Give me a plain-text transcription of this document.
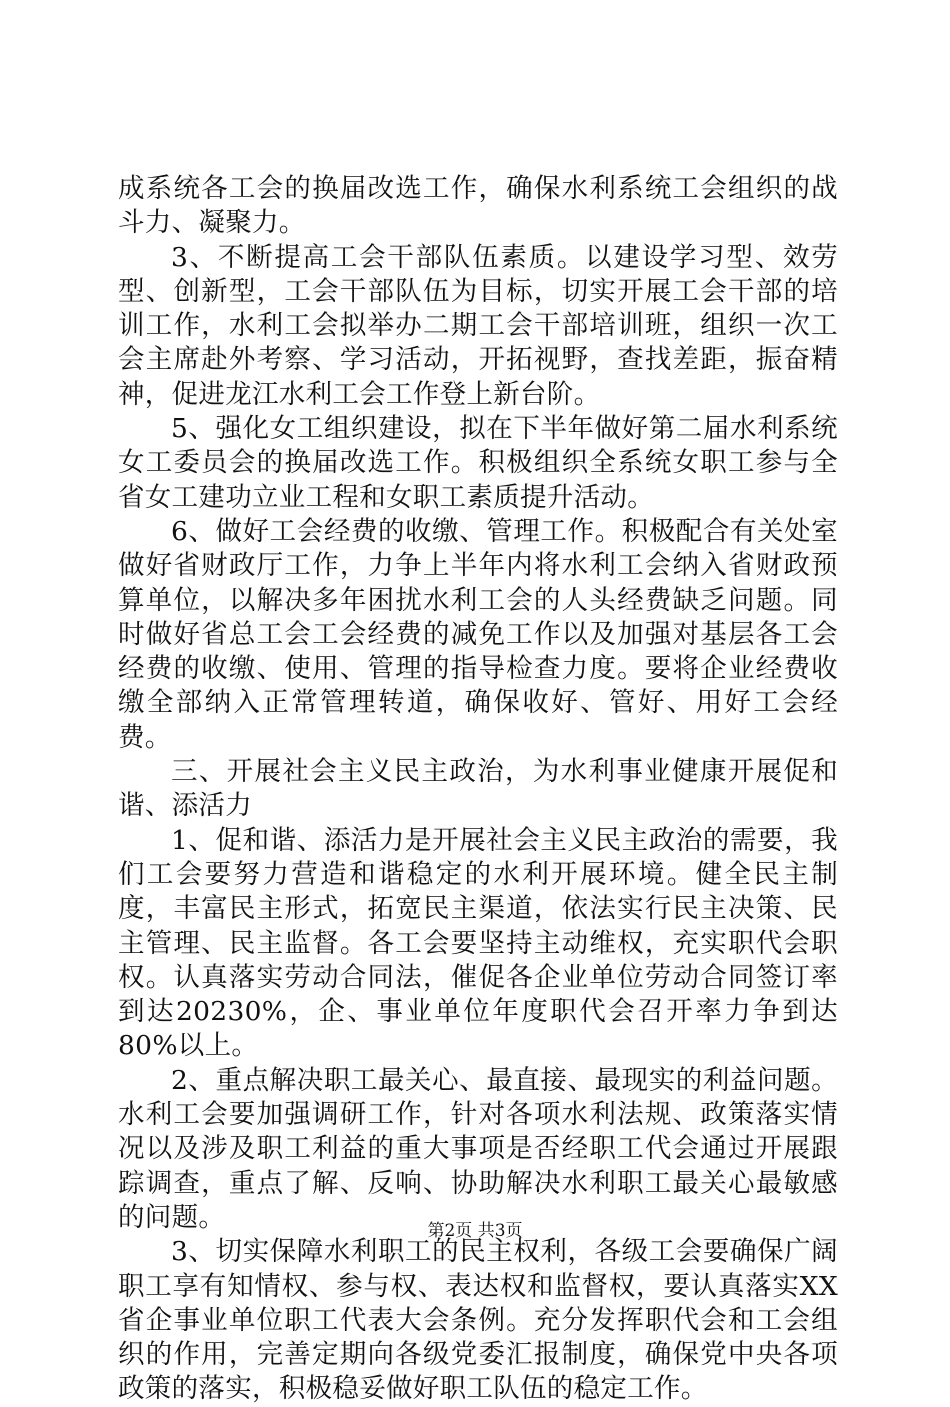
成系统各工会的换届改选工作，确保水利系统工会组织的战斗力、凝聚力。

3、不断提高工会干部队伍素质。以建设学习型、效劳型、创新型，工会干部队伍为目标，切实开展工会干部的培训工作，水利工会拟举办二期工会干部培训班，组织一次工会主席赴外考察、学习活动，开拓视野，查找差距，振奋精神，促进龙江水利工会工作登上新台阶。

5、强化女工组织建设，拟在下半年做好第二届水利系统女工委员会的换届改选工作。积极组织全系统女职工参与全省女工建功立业工程和女职工素质提升活动。

6、做好工会经费的收缴、管理工作。积极配合有关处室做好省财政厅工作，力争上半年内将水利工会纳入省财政预算单位，以解决多年困扰水利工会的人头经费缺乏问题。同时做好省总工会工会经费的减免工作以及加强对基层各工会经费的收缴、使用、管理的指导检查力度。要将企业经费收缴全部纳入正常管理转道，确保收好、管好、用好工会经费。

三、开展社会主义民主政治，为水利事业健康开展促和谐、添活力

1、促和谐、添活力是开展社会主义民主政治的需要，我们工会要努力营造和谐稳定的水利开展环境。健全民主制度，丰富民主形式，拓宽民主渠道，依法实行民主决策、民主管理、民主监督。各工会要坚持主动维权，充实职代会职权。认真落实劳动合同法，催促各企业单位劳动合同签订率到达20230%，企、事业单位年度职代会召开率力争到达80%以上。

2、重点解决职工最关心、最直接、最现实的利益问题。水利工会要加强调研工作，针对各项水利法规、政策落实情况以及涉及职工利益的重大事项是否经职工代会通过开展跟踪调查，重点了解、反响、协助解决水利职工最关心最敏感的问题。

3、切实保障水利职工的民主权利，各级工会要确保广阔职工享有知情权、参与权、表达权和监督权，要认真落实XX省企事业单位职工代表大会条例。充分发挥职代会和工会组织的作用，完善定期向各级党委汇报制度，确保党中央各项政策的落实，积极稳妥做好职工队伍的稳定工作。

第2页 共3页
